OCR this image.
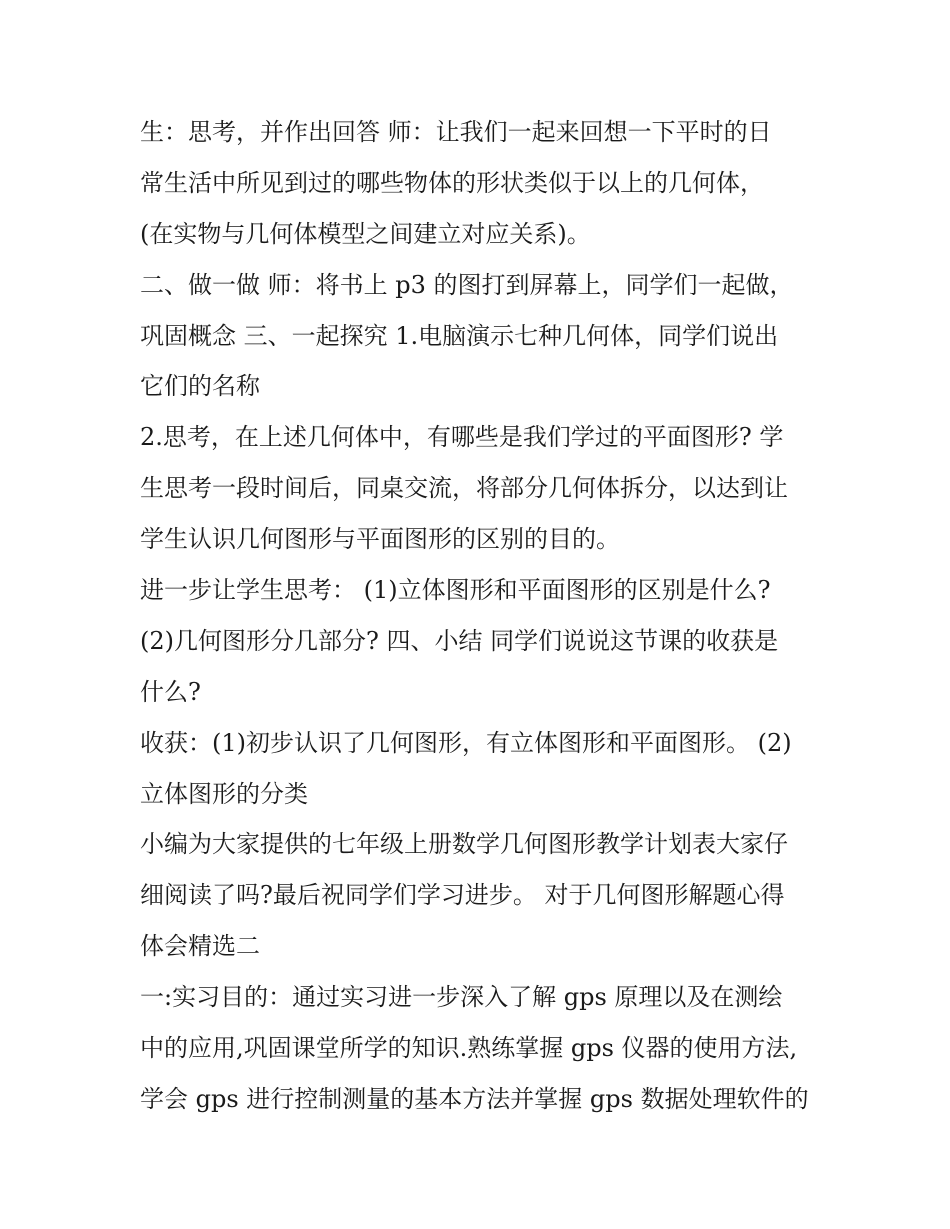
生：思考，并作出回答 师：让我们一起来回想一下平时的日
常生活中所见到过的哪些物体的形状类似于以上的几何体，
(在实物与几何体模型之间建立对应关系)。
二、做一做 师：将书上 p3 的图打到屏幕上，同学们一起做，
巩固概念 三、一起探究 1.电脑演示七种几何体，同学们说出
它们的名称
2.思考，在上述几何体中，有哪些是我们学过的平面图形? 学
生思考一段时间后，同桌交流，将部分几何体拆分，以达到让
学生认识几何图形与平面图形的区别的目的。
进一步让学生思考： (1)立体图形和平面图形的区别是什么?
(2)几何图形分几部分? 四、小结 同学们说说这节课的收获是
什么?
收获：(1)初步认识了几何图形，有立体图形和平面图形。 (2)
立体图形的分类
小编为大家提供的七年级上册数学几何图形教学计划表大家仔
细阅读了吗?最后祝同学们学习进步。 对于几何图形解题心得
体会精选二
一:实习目的：通过实习进一步深入了解 gps 原理以及在测绘
中的应用,巩固课堂所学的知识.熟练掌握 gps 仪器的使用方法,
学会 gps 进行控制测量的基本方法并掌握 gps 数据处理软件的
